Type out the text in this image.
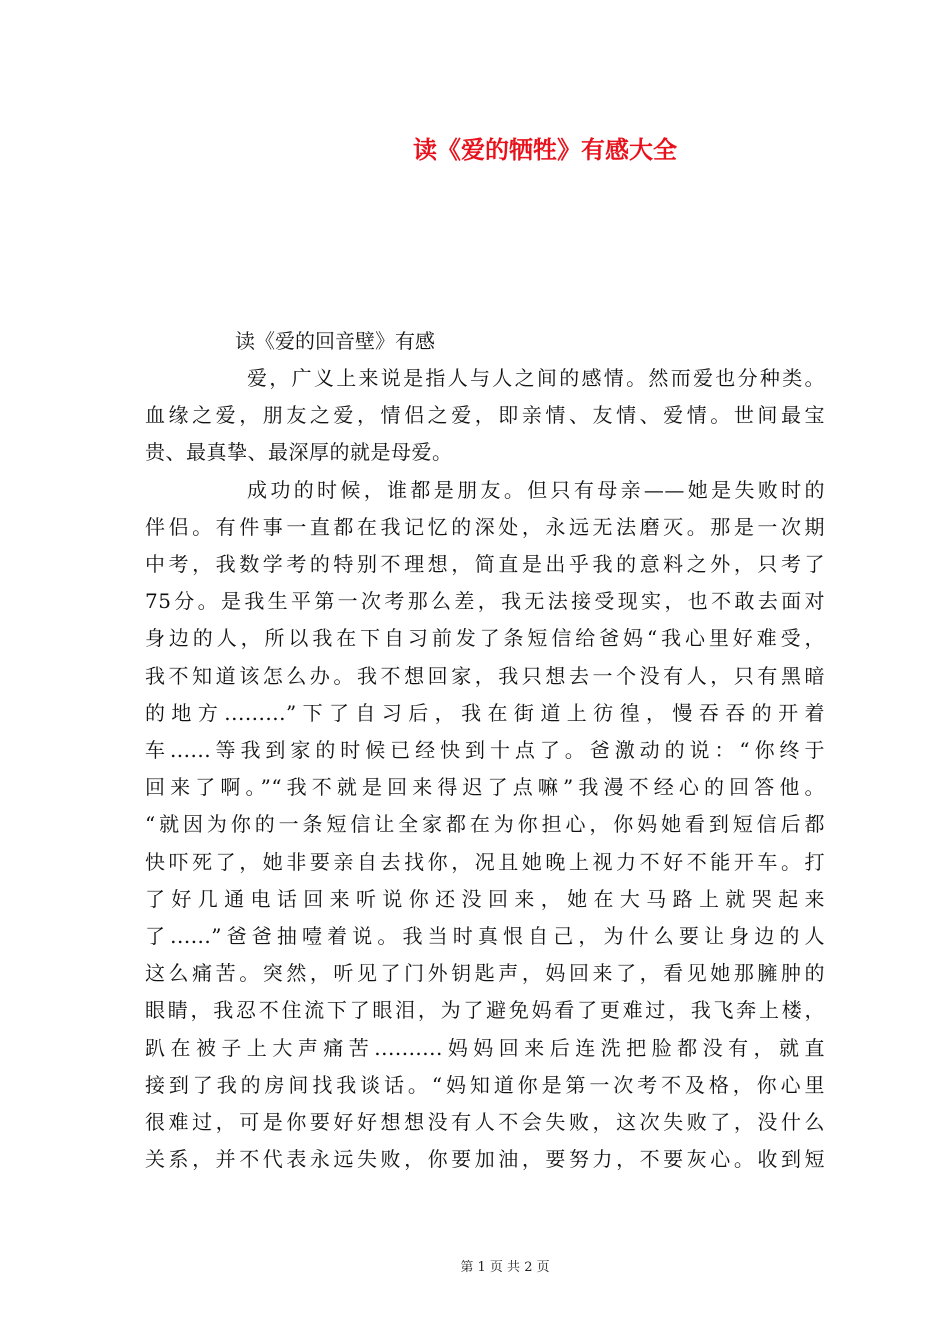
读《爱的牺牲》有感大全
读《爱的回音壁》有感
爱，广义上来说是指人与人之间的感情。然而爱也分种类。
血缘之爱，朋友之爱，情侣之爱，即亲情、友情、爱情。世间最宝
贵、最真挚、最深厚的就是母爱。
成功的时候，谁都是朋友。但只有母亲——她是失败时的
伴侣。有件事一直都在我记忆的深处，永远无法磨灭。那是一次期
中考，我数学考的特别不理想，简直是出乎我的意料之外，只考了
75分。是我生平第一次考那么差，我无法接受现实，也不敢去面对
身边的人，所以我在下自习前发了条短信给爸妈“我心里好难受，
我不知道该怎么办。我不想回家，我只想去一个没有人，只有黑暗
的地方.........”下了自习后，我在街道上彷徨，慢吞吞的开着
车......等我到家的时候已经快到十点了。爸激动的说：“你终于
回来了啊。”“我不就是回来得迟了点嘛”我漫不经心的回答他。
“就因为你的一条短信让全家都在为你担心，你妈她看到短信后都
快吓死了，她非要亲自去找你，况且她晚上视力不好不能开车。打
了好几通电话回来听说你还没回来，她在大马路上就哭起来
了......”爸爸抽噎着说。我当时真恨自己，为什么要让身边的人
这么痛苦。突然，听见了门外钥匙声，妈回来了，看见她那臃肿的
眼睛，我忍不住流下了眼泪，为了避免妈看了更难过，我飞奔上楼，
趴在被子上大声痛苦..........妈妈回来后连洗把脸都没有，就直
接到了我的房间找我谈话。“妈知道你是第一次考不及格，你心里
很难过，可是你要好好想想没有人不会失败，这次失败了，没什么
关系，并不代表永远失败，你要加油，要努力，不要灰心。收到短
第 1 页 共 2 页
